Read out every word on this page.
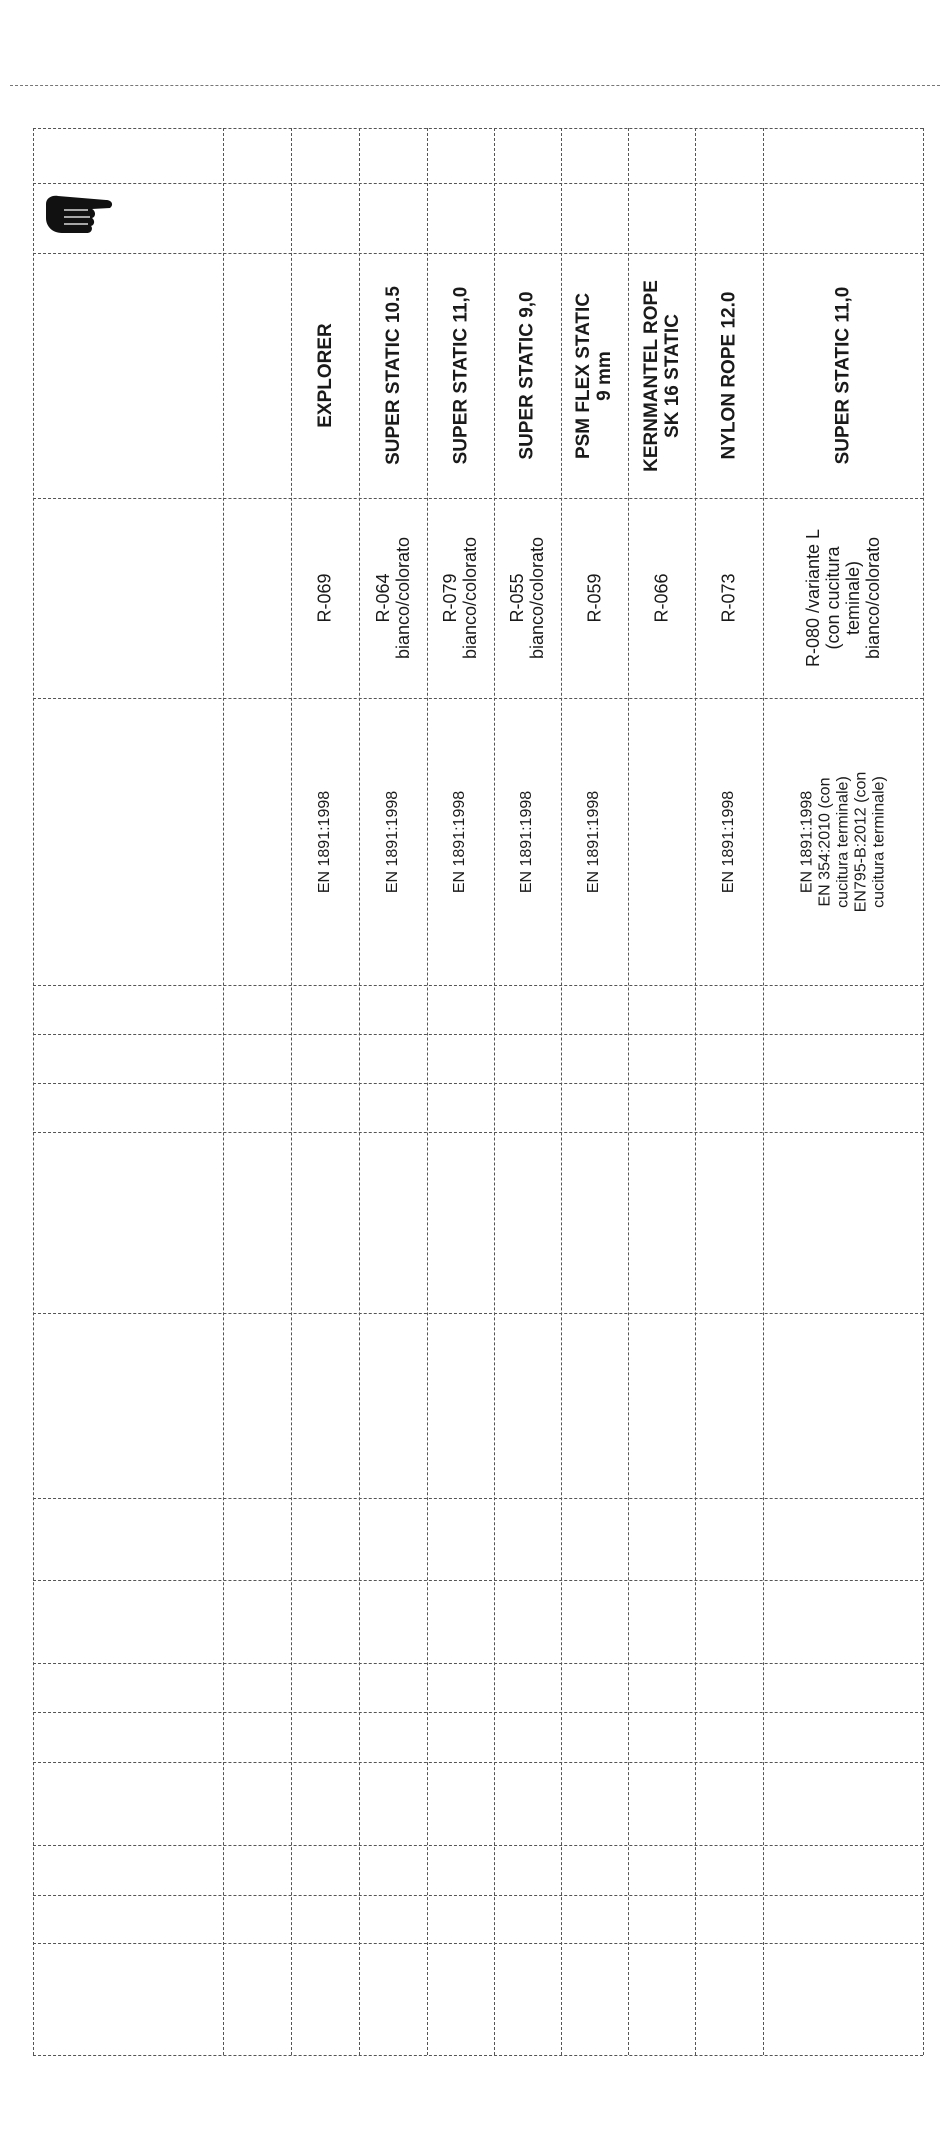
EXPLORER
R-069
EN 1891:1998
SUPER STATIC 10.5
R-064
bianco/colorato
EN 1891:1998
SUPER STATIC 11,0
R-079
bianco/colorato
EN 1891:1998
SUPER STATIC 9,0
R-055
bianco/colorato
EN 1891:1998
PSM FLEX STATIC
9 mm
R-059
EN 1891:1998
KERNMANTEL ROPE
SK 16 STATIC
R-066
NYLON ROPE 12.0
R-073
EN 1891:1998
SUPER STATIC 11,0
R-080 /variante L
(con cucitura
teminale)
bianco/colorato
EN 1891:1998
EN 354:2010 (con
cucitura terminale)
EN795-B:2012 (con
cucitura terminale)
